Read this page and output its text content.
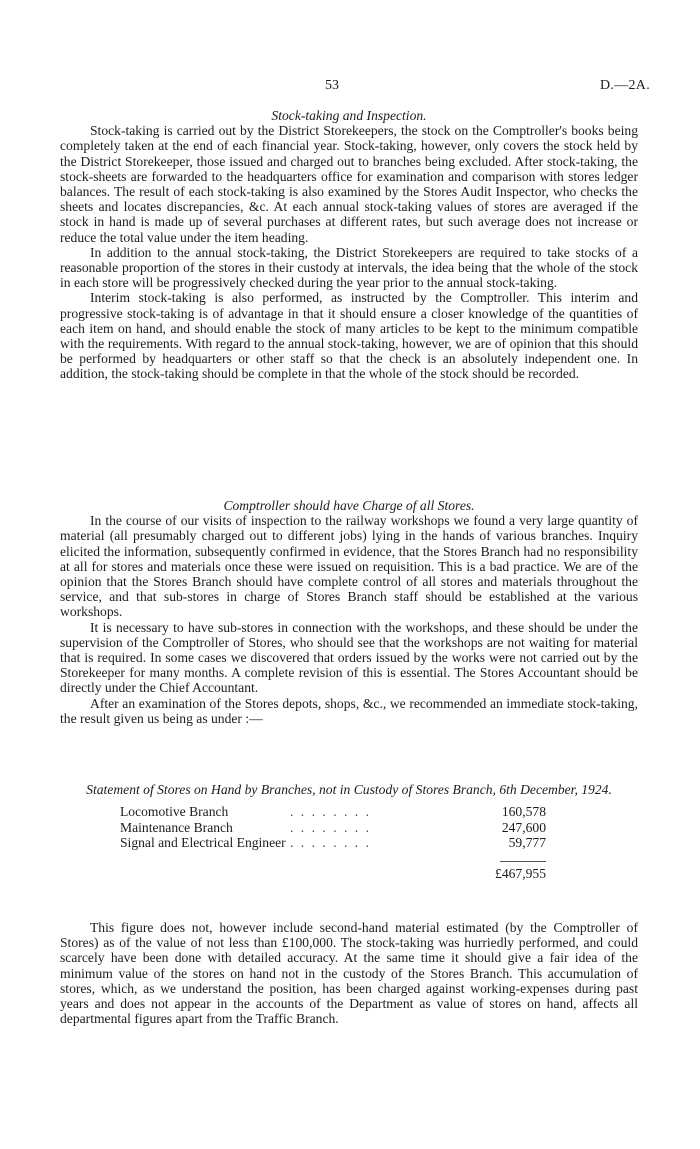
53	D.—2A.
Stock-taking and Inspection.

Stock-taking is carried out by the District Storekeepers, the stock on the Comptroller's books being completely taken at the end of each financial year. Stock-taking, however, only covers the stock held by the District Storekeeper, those issued and charged out to branches being excluded. After stock-taking, the stock-sheets are forwarded to the headquarters office for examination and comparison with stores ledger balances. The result of each stock-taking is also examined by the Stores Audit Inspector, who checks the sheets and locates discrepancies, &c. At each annual stock-taking values of stores are averaged if the stock in hand is made up of several purchases at different rates, but such average does not increase or reduce the total value under the item heading.

In addition to the annual stock-taking, the District Storekeepers are required to take stocks of a reasonable proportion of the stores in their custody at intervals, the idea being that the whole of the stock in each store will be progressively checked during the year prior to the annual stock-taking.

Interim stock-taking is also performed, as instructed by the Comptroller. This interim and progressive stock-taking is of advantage in that it should ensure a closer knowledge of the quantities of each item on hand, and should enable the stock of many articles to be kept to the minimum compatible with the requirements. With regard to the annual stock-taking, however, we are of opinion that this should be performed by headquarters or other staff so that the check is an absolutely independent one. In addition, the stock-taking should be complete in that the whole of the stock should be recorded.

Comptroller should have Charge of all Stores.

In the course of our visits of inspection to the railway workshops we found a very large quantity of material (all presumably charged out to different jobs) lying in the hands of various branches. Inquiry elicited the information, subsequently confirmed in evidence, that the Stores Branch had no responsibility at all for stores and materials once these were issued on requisition. This is a bad practice. We are of the opinion that the Stores Branch should have complete control of all stores and materials throughout the service, and that sub-stores in charge of Stores Branch staff should be established at the various workshops.

It is necessary to have sub-stores in connection with the workshops, and these should be under the supervision of the Comptroller of Stores, who should see that the workshops are not waiting for material that is required. In some cases we discovered that orders issued by the works were not carried out by the Storekeeper for many months. A complete revision of this is essential. The Stores Accountant should be directly under the Chief Accountant.

After an examination of the Stores depots, shops, &c., we recommended an immediate stock-taking, the result given us being as under :—

Statement of Stores on Hand by Branches, not in Custody of Stores Branch, 6th December, 1924.
Locomotive Branch	. . . . . . . .	160,578
Maintenance Branch	. . . . . . . .	247,600
Signal and Electrical Engineer . . . . . . . .	59,777
£467,955

This figure does not, however include second-hand material estimated (by the Comptroller of Stores) as of the value of not less than £100,000. The stock-taking was hurriedly performed, and could scarcely have been done with detailed accuracy. At the same time it should give a fair idea of the minimum value of the stores on hand not in the custody of the Stores Branch. This accumulation of stores, which, as we understand the position, has been charged against working-expenses during past years and does not appear in the accounts of the Department as value of stores on hand, affects all departmental figures apart from the Traffic Branch.
